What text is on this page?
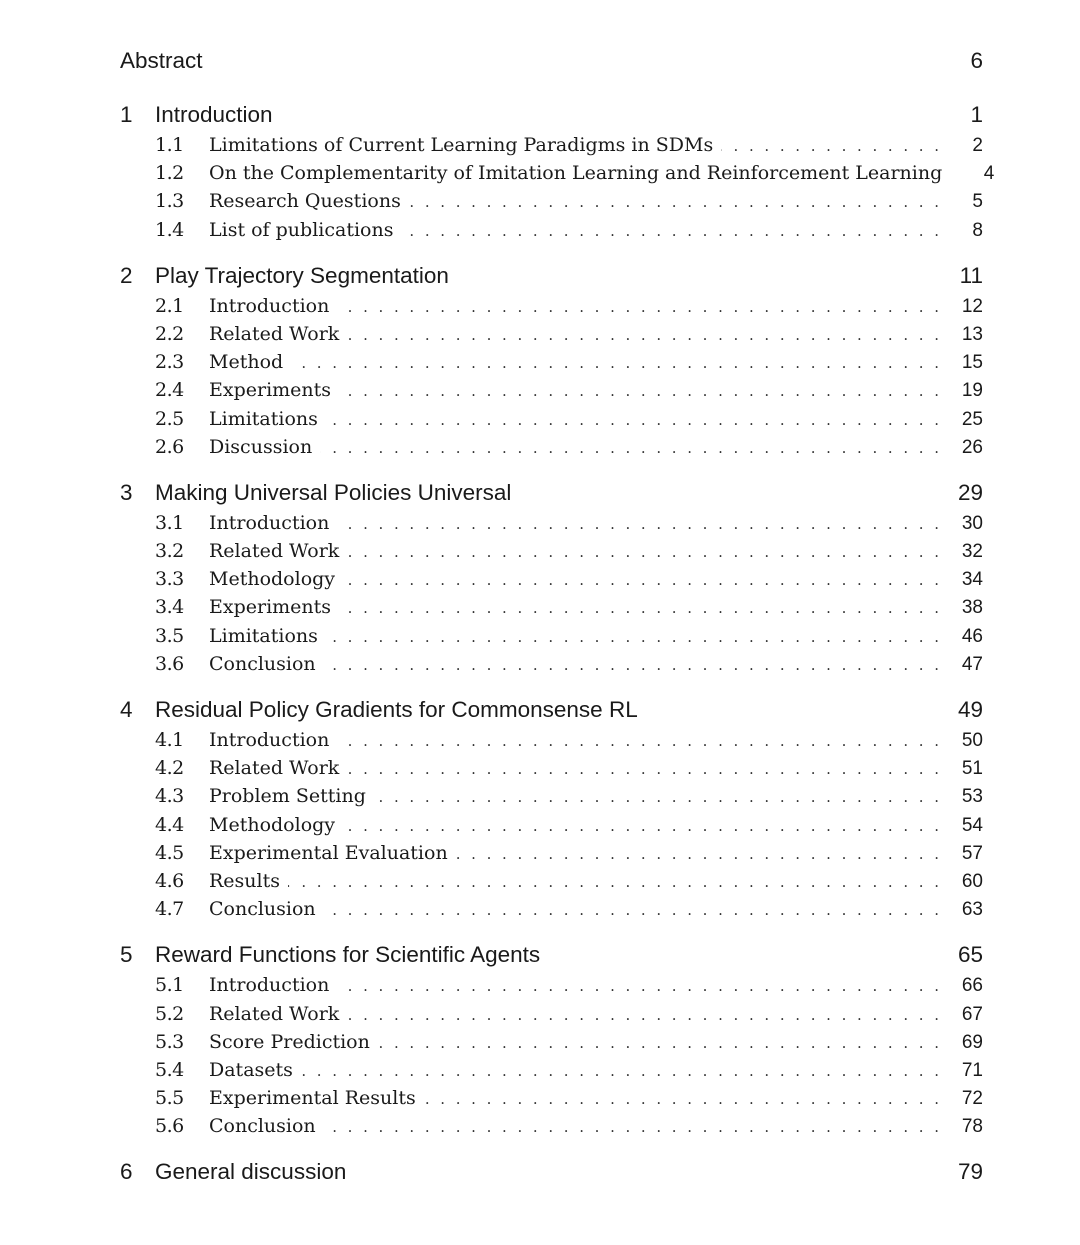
Abstract	6
1 Introduction	1
1.1	Limitations of Current Learning Paradigms in SDMs . . .	2
1.2	On the Complementarity of Imitation Learning and Reinforcement Learning	4
1.3	Research Questions . . .	5
1.4	List of publications . . .	8
2 Play Trajectory Segmentation	11
2.1	Introduction . . .	12
2.2	Related Work . . .	13
2.3	Method . . .	15
2.4	Experiments . . .	19
2.5	Limitations . . .	25
2.6	Discussion . . .	26
3 Making Universal Policies Universal	29
3.1	Introduction . . .	30
3.2	Related Work . . .	32
3.3	Methodology . . .	34
3.4	Experiments . . .	38
3.5	Limitations . . .	46
3.6	Conclusion . . .	47
4 Residual Policy Gradients for Commonsense RL	49
4.1	Introduction . . .	50
4.2	Related Work . . .	51
4.3	Problem Setting . . .	53
4.4	Methodology . . .	54
4.5	Experimental Evaluation . . .	57
4.6	Results . . .	60
4.7	Conclusion . . .	63
5 Reward Functions for Scientific Agents	65
5.1	Introduction . . .	66
5.2	Related Work . . .	67
5.3	Score Prediction . . .	69
5.4	Datasets . . .	71
5.5	Experimental Results . . .	72
5.6	Conclusion . . .	78
6 General discussion	79
